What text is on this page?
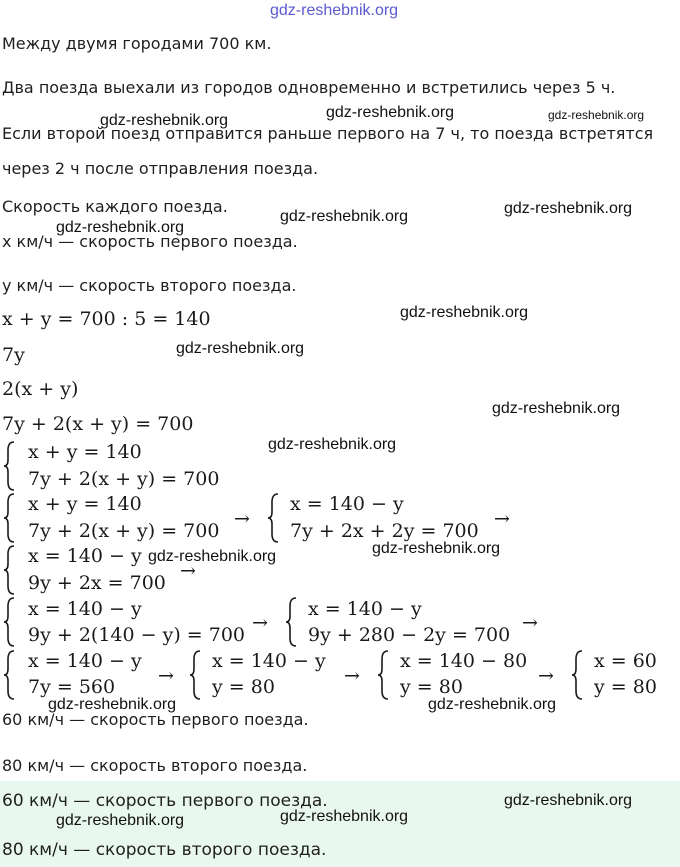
gdz-reshebnik.org
Между двумя городами 700 км.
Два поезда выехали из городов одновременно и встретились через 5 ч.
Если второй поезд отправится раньше первого на 7 ч, то поезда встретятся
через 2 ч после отправления поезда.
Скорость каждого поезда.
x км/ч — скорость первого поезда.
y км/ч — скорость второго поезда.
x + y = 700 : 5 = 140
7y
2(x + y)
7y + 2(x + y) = 700
x + y = 140
7y + 2(x + y) = 700
x + y = 140
7y + 2(x + y) = 700
→
x = 140 − y
7y + 2x + 2y = 700
→
x = 140 − y
9y + 2x = 700
→
x = 140 − y
9y + 2(140 − y) = 700
→
x = 140 − y
9y + 280 − 2y = 700
→
x = 140 − y
7y = 560 →
x = 140 − y
y = 80	→
x = 140 − 80
y = 80	→
x = 60
y = 80
60 км/ч — скорость первого поезда.
80 км/ч — скорость второго поезда.
60 км/ч — скорость первого поезда.
80 км/ч — скорость второго поезда.
gdz-reshebnik.org	gdz-reshebnik.org	gdz-reshebnik.org
gdz-reshebnik.org	gdz-reshebnik.org
gdz-reshebnik.org
gdz-reshebnik.org
gdz-reshebnik.org
gdz-reshebnik.org
gdz-reshebnik.org
gdz-reshebnik.org	gdz-reshebnik.org
gdz-reshebnik.org	gdz-reshebnik.org
gdz-reshebnik.org
gdz-reshebnik.org	gdz-reshebnik.org
